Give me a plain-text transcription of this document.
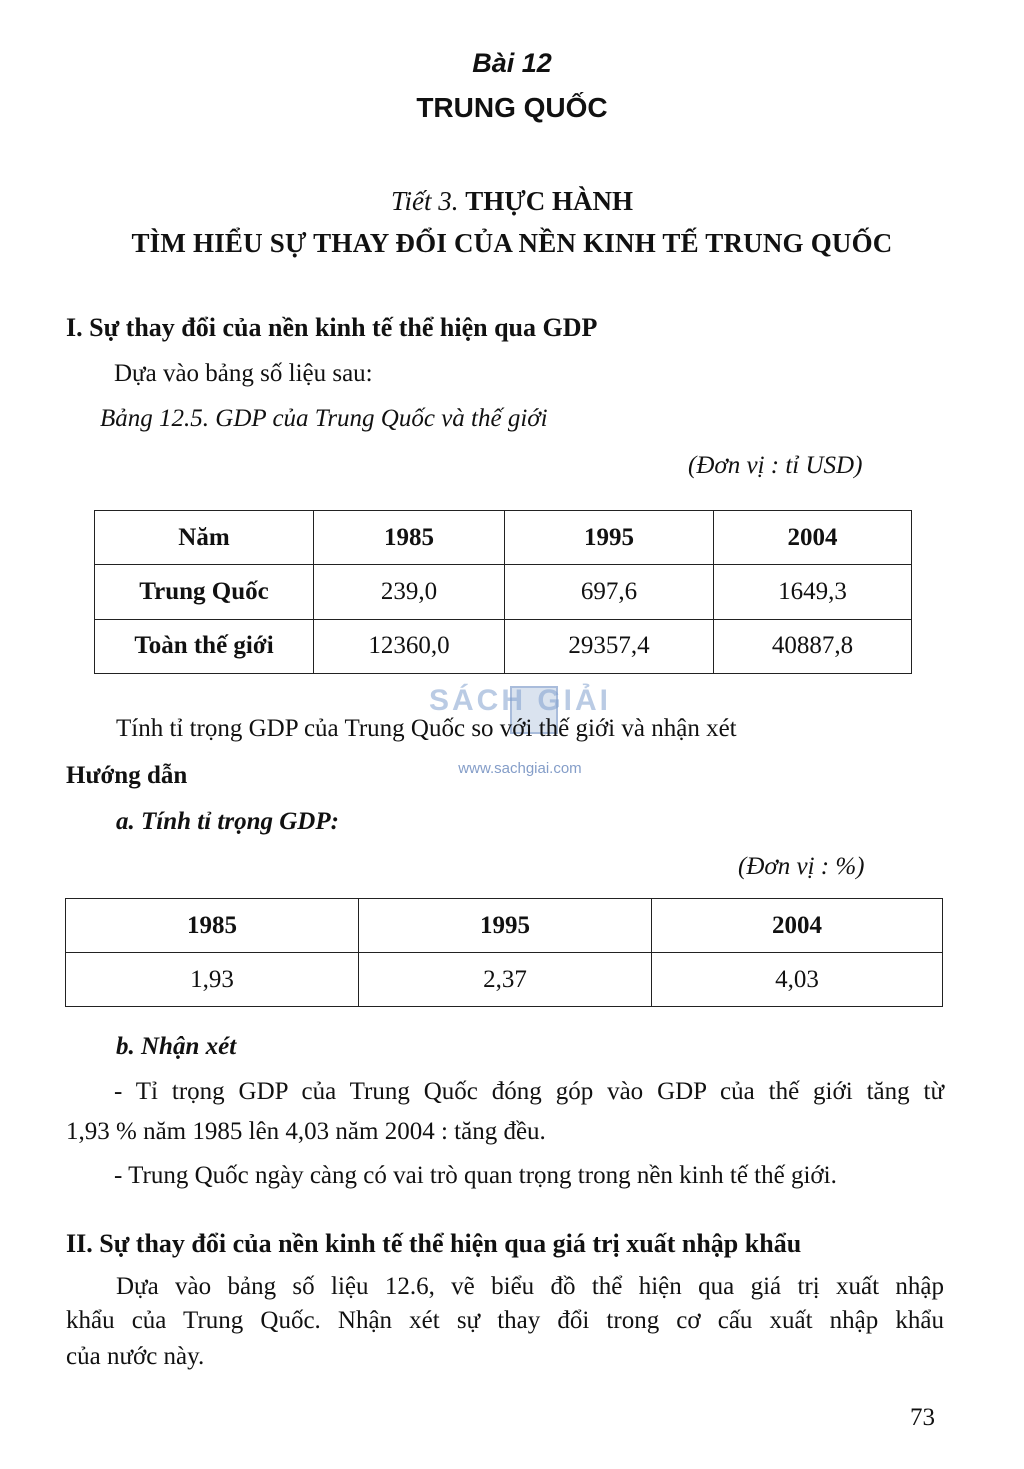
Bài 12
TRUNG QUỐC
Tiết 3. THỰC HÀNH
TÌM HIỂU SỰ THAY ĐỔI CỦA NỀN KINH TẾ TRUNG QUỐC
I. Sự thay đổi của nền kinh tế thể hiện qua GDP
Dựa vào bảng số liệu sau:
Bảng 12.5. GDP của Trung Quốc và thế giới
(Đơn vị : tỉ USD)
Năm	1985	1995	2004
Trung Quốc	239,0	697,6	1649,3
Toàn thế giới	12360,0	29357,4	40887,8
SÁCH GIẢI
www.sachgiai.com
Tính tỉ trọng GDP của Trung Quốc so với thế giới và nhận xét
Hướng dẫn
a. Tính tỉ trọng GDP:
(Đơn vị : %)
1985	1995	2004
1,93	2,37	4,03
b. Nhận xét
- Tỉ trọng GDP của Trung Quốc đóng góp vào GDP của thế giới tăng từ
1,93 % năm 1985 lên 4,03 năm 2004 : tăng đều.
- Trung Quốc ngày càng có vai trò quan trọng trong nền kinh tế thế giới.
II. Sự thay đổi của nền kinh tế thể hiện qua giá trị xuất nhập khẩu
Dựa vào bảng số liệu 12.6, vẽ biểu đồ thể hiện qua giá trị xuất nhập
khẩu của Trung Quốc. Nhận xét sự thay đổi trong cơ cấu xuất nhập khẩu
của nước này.
73
